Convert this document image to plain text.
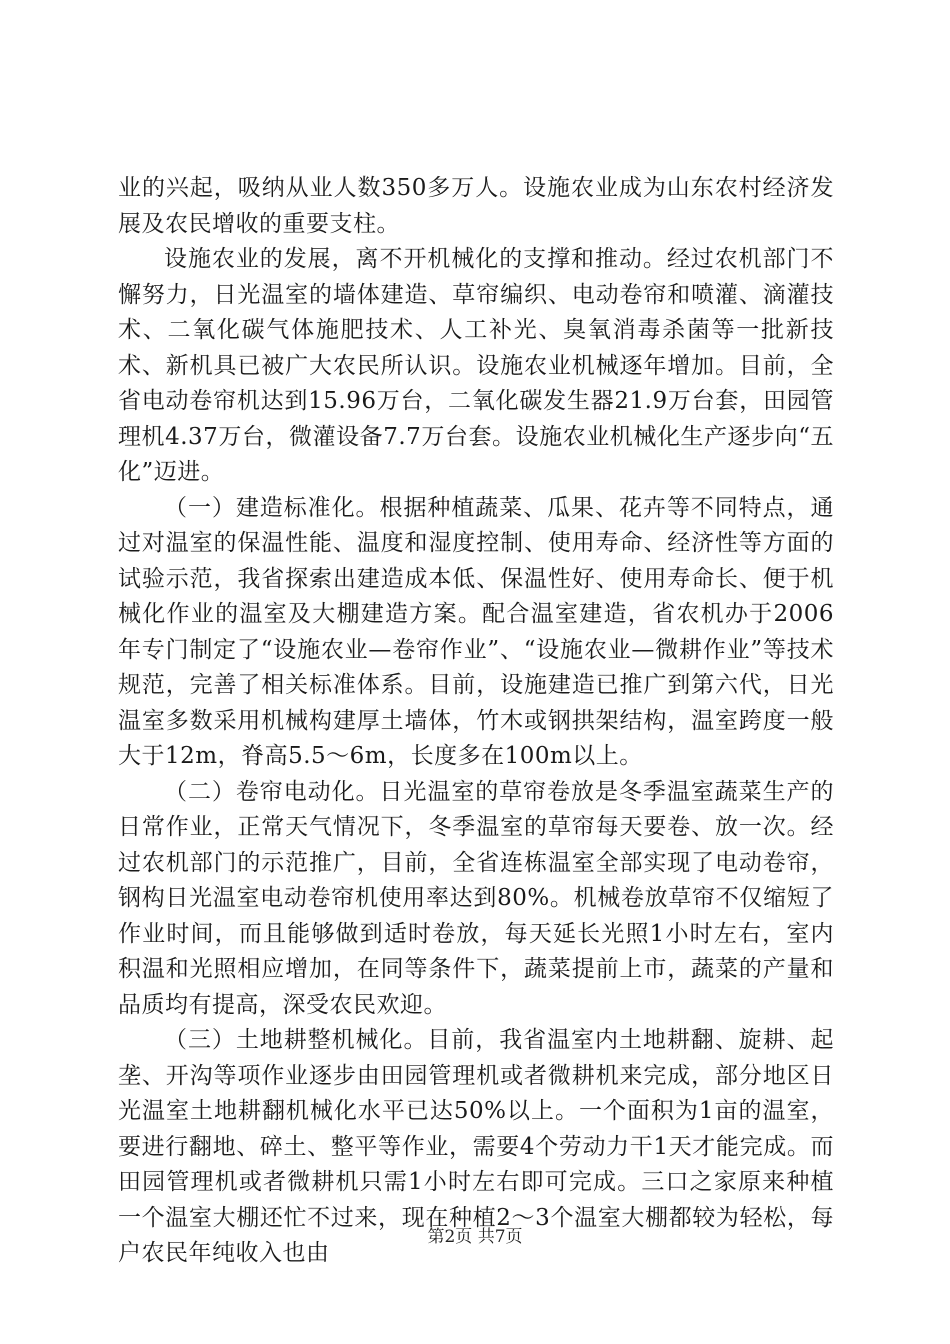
业的兴起，吸纳从业人数350多万人。设施农业成为山东农村经济发展及农民增收的重要支柱。

设施农业的发展，离不开机械化的支撑和推动。经过农机部门不懈努力，日光温室的墙体建造、草帘编织、电动卷帘和喷灌、滴灌技术、二氧化碳气体施肥技术、人工补光、臭氧消毒杀菌等一批新技术、新机具已被广大农民所认识。设施农业机械逐年增加。目前，全省电动卷帘机达到15.96万台，二氧化碳发生器21.9万台套，田园管理机4.37万台，微灌设备7.7万台套。设施农业机械化生产逐步向“五化”迈进。

（一）建造标准化。根据种植蔬菜、瓜果、花卉等不同特点，通过对温室的保温性能、温度和湿度控制、使用寿命、经济性等方面的试验示范，我省探索出建造成本低、保温性好、使用寿命长、便于机械化作业的温室及大棚建造方案。配合温室建造，省农机办于2006年专门制定了“设施农业—卷帘作业”、“设施农业—微耕作业”等技术规范，完善了相关标准体系。目前，设施建造已推广到第六代，日光温室多数采用机械构建厚土墙体，竹木或钢拱架结构，温室跨度一般大于12m，脊高5.5～6m，长度多在100m以上。

（二）卷帘电动化。日光温室的草帘卷放是冬季温室蔬菜生产的日常作业，正常天气情况下，冬季温室的草帘每天要卷、放一次。经过农机部门的示范推广，目前，全省连栋温室全部实现了电动卷帘，钢构日光温室电动卷帘机使用率达到80%。机械卷放草帘不仅缩短了作业时间，而且能够做到适时卷放，每天延长光照1小时左右，室内积温和光照相应增加，在同等条件下，蔬菜提前上市，蔬菜的产量和品质均有提高，深受农民欢迎。

（三）土地耕整机械化。目前，我省温室内土地耕翻、旋耕、起垄、开沟等项作业逐步由田园管理机或者微耕机来完成，部分地区日光温室土地耕翻机械化水平已达50%以上。一个面积为1亩的温室，要进行翻地、碎土、整平等作业，需要4个劳动力干1天才能完成。而田园管理机或者微耕机只需1小时左右即可完成。三口之家原来种植一个温室大棚还忙不过来，现在种植2～3个温室大棚都较为轻松，每户农民年纯收入也由

第2页 共7页
